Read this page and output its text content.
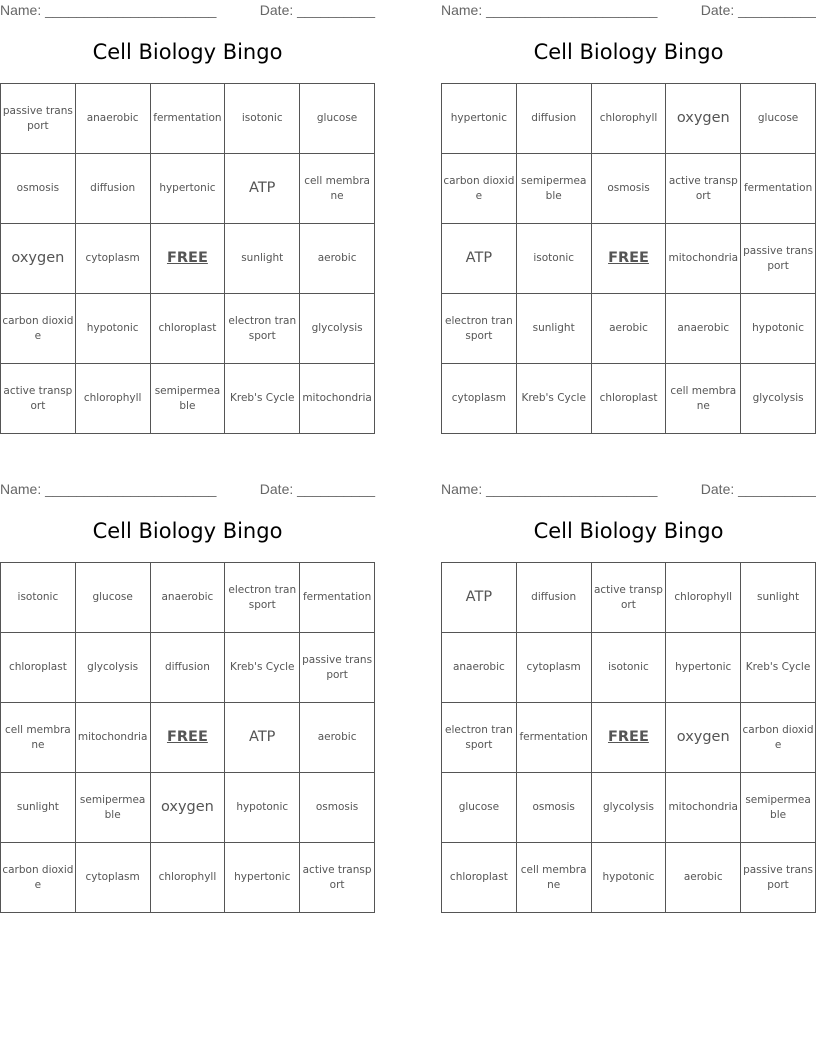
Name: ______________________	Date: __________
Cell Biology Bingo
passive transport	anaerobic	fermentation	isotonic	glucose
osmosis	diffusion	hypertonic	ATP	cell membrane
oxygen	cytoplasm	FREE	sunlight	aerobic
carbon dioxide	hypotonic	chloroplast	electron transport	glycolysis
active transport	chlorophyll	semipermeable	Kreb's Cycle	mitochondria
Name: ______________________	Date: __________
Cell Biology Bingo
hypertonic	diffusion	chlorophyll	oxygen	glucose
carbon dioxide	semipermeable	osmosis	active transport	fermentation
ATP	isotonic	FREE	mitochondria	passive transport
electron transport	sunlight	aerobic	anaerobic	hypotonic
cytoplasm	Kreb's Cycle	chloroplast	cell membrane	glycolysis
Name: ______________________	Date: __________
Cell Biology Bingo
isotonic	glucose	anaerobic	electron transport	fermentation
chloroplast	glycolysis	diffusion	Kreb's Cycle	passive transport
cell membrane	mitochondria	FREE	ATP	aerobic
sunlight	semipermeable	oxygen	hypotonic	osmosis
carbon dioxide	cytoplasm	chlorophyll	hypertonic	active transport
Name: ______________________	Date: __________
Cell Biology Bingo
ATP	diffusion	active transport	chlorophyll	sunlight
anaerobic	cytoplasm	isotonic	hypertonic	Kreb's Cycle
electron transport	fermentation	FREE	oxygen	carbon dioxide
glucose	osmosis	glycolysis	mitochondria	semipermeable
chloroplast	cell membrane	hypotonic	aerobic	passive transport
